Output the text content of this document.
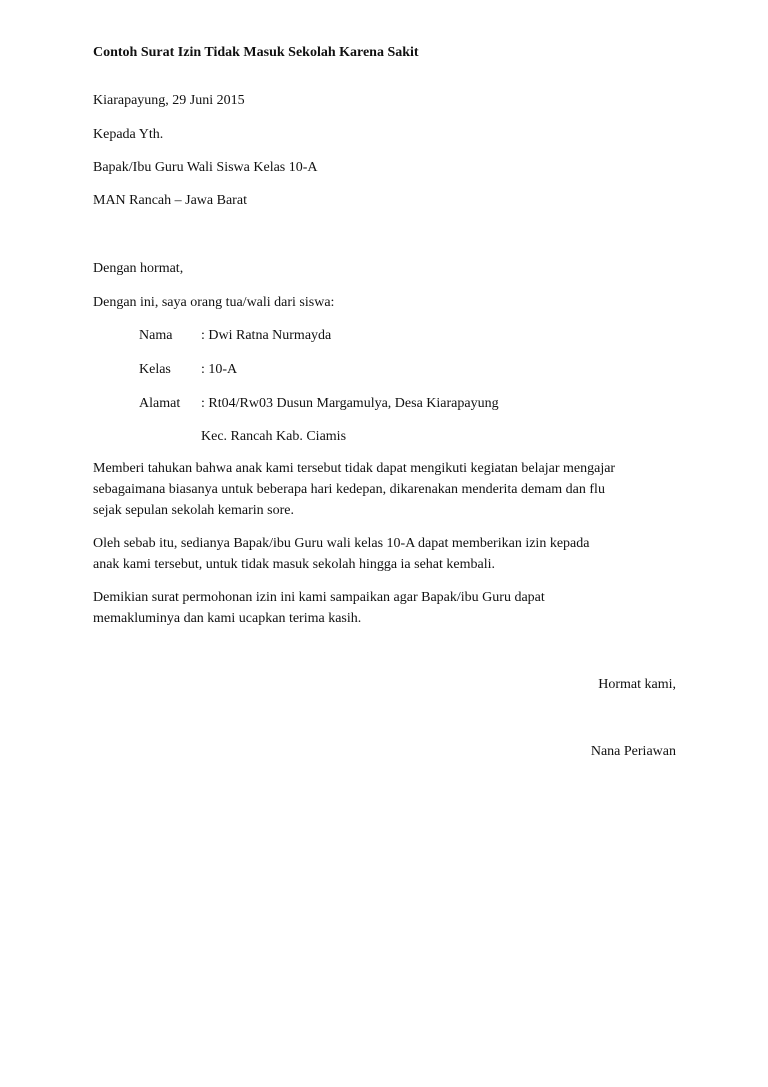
Contoh Surat Izin Tidak Masuk Sekolah Karena Sakit
Kiarapayung, 29 Juni 2015
Kepada Yth.
Bapak/Ibu Guru Wali Siswa Kelas 10-A
MAN Rancah – Jawa Barat
Dengan hormat,
Dengan ini, saya orang tua/wali dari siswa:
Nama : Dwi Ratna Nurmayda
Kelas : 10-A
Alamat : Rt04/Rw03 Dusun Margamulya, Desa Kiarapayung
Kec. Rancah Kab. Ciamis

Memberi tahukan bahwa anak kami tersebut tidak dapat mengikuti kegiatan belajar mengajar

sebagaimana biasanya untuk beberapa hari kedepan, dikarenakan menderita demam dan flu

sejak sepulan sekolah kemarin sore.

Oleh sebab itu, sedianya Bapak/ibu Guru wali kelas 10-A dapat memberikan izin kepada

anak kami tersebut, untuk tidak masuk sekolah hingga ia sehat kembali.

Demikian surat permohonan izin ini kami sampaikan agar Bapak/ibu Guru dapat

memakluminya dan kami ucapkan terima kasih.

Hormat kami,
Nana Periawan
